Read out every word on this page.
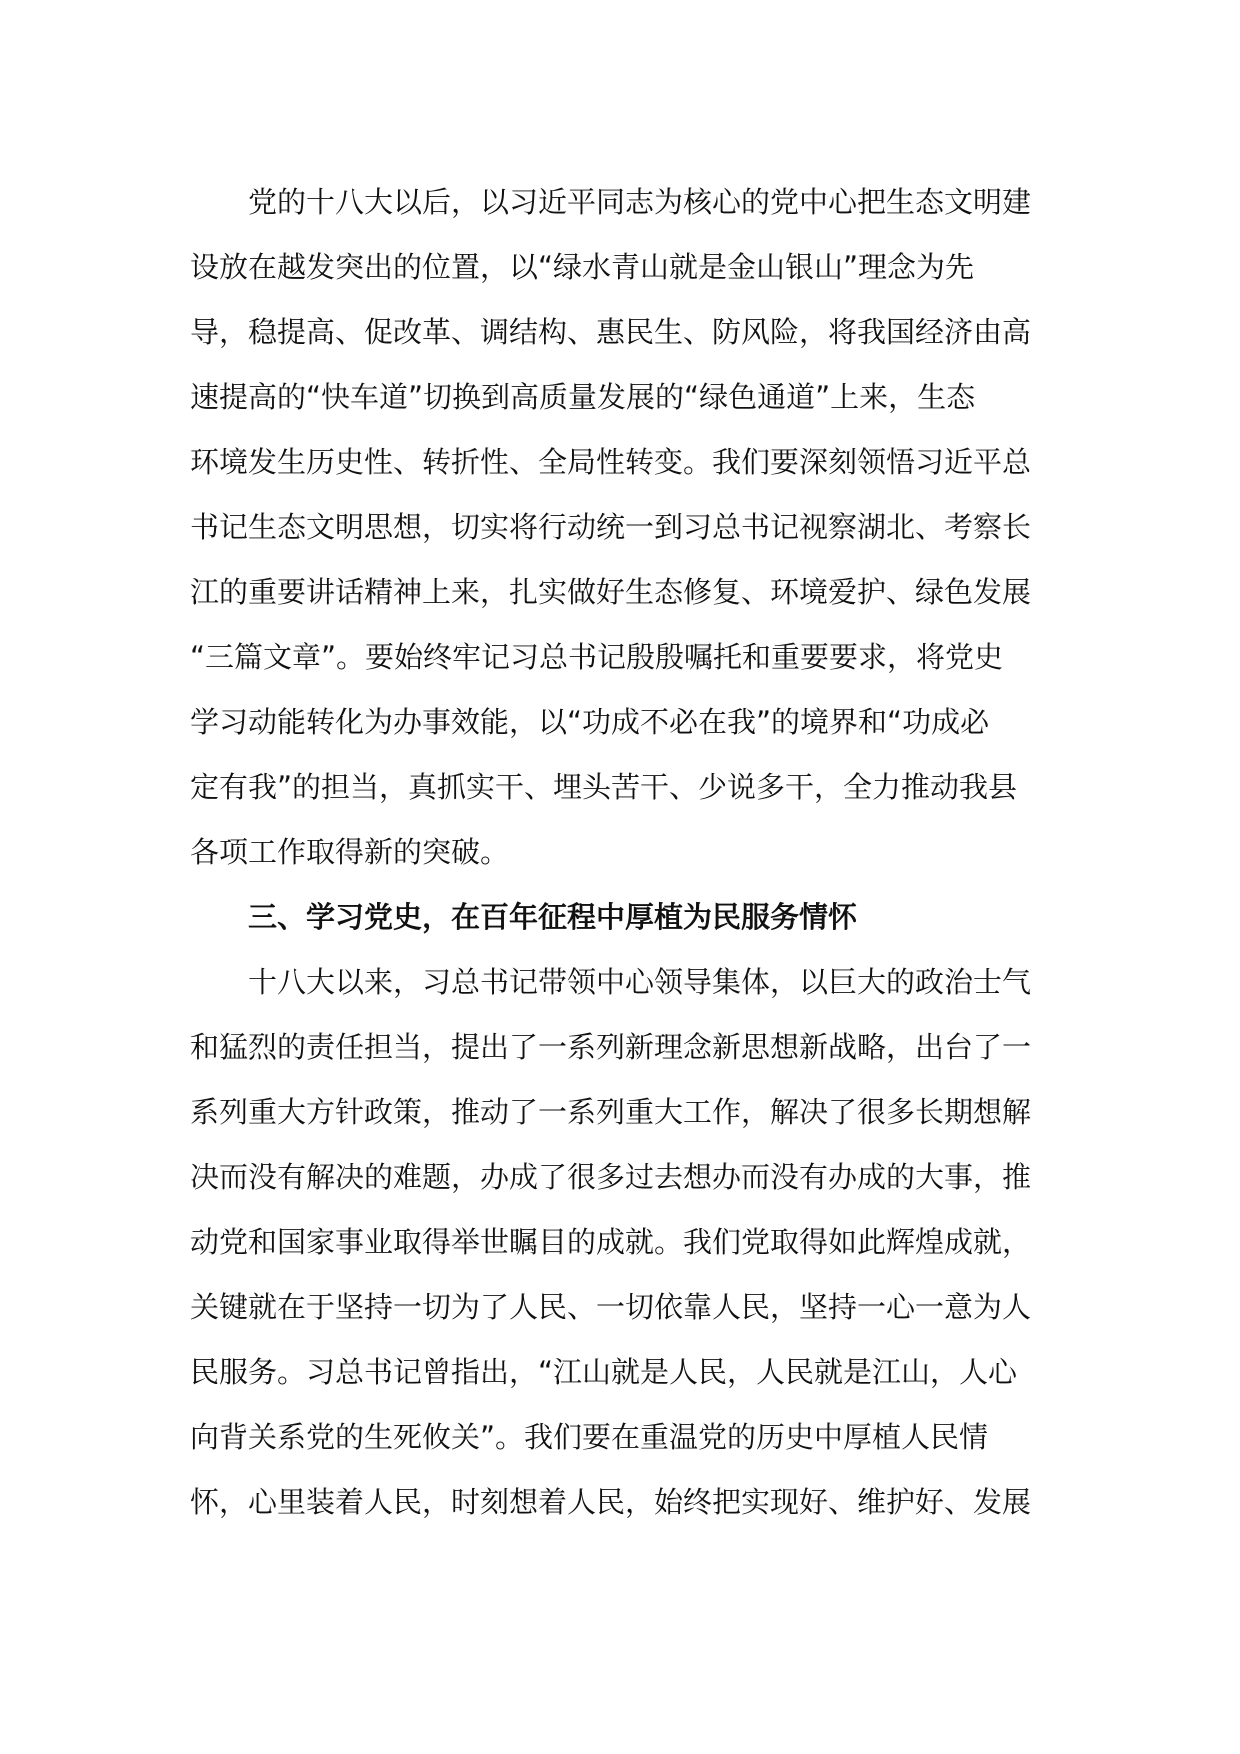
党的十八大以后，以习近平同志为核心的党中心把生态文明建
设放在越发突出的位置，以“绿水青山就是金山银山”理念为先
导，稳提高、促改革、调结构、惠民生、防风险，将我国经济由高
速提高的“快车道”切换到高质量发展的“绿色通道”上来，生态
环境发生历史性、转折性、全局性转变。我们要深刻领悟习近平总
书记生态文明思想，切实将行动统一到习总书记视察湖北、考察长
江的重要讲话精神上来，扎实做好生态修复、环境爱护、绿色发展
“三篇文章”。要始终牢记习总书记殷殷嘱托和重要要求，将党史
学习动能转化为办事效能，以“功成不必在我”的境界和“功成必
定有我”的担当，真抓实干、埋头苦干、少说多干，全力推动我县
各项工作取得新的突破。
三、学习党史，在百年征程中厚植为民服务情怀
十八大以来，习总书记带领中心领导集体，以巨大的政治士气
和猛烈的责任担当，提出了一系列新理念新思想新战略，出台了一
系列重大方针政策，推动了一系列重大工作，解决了很多长期想解
决而没有解决的难题，办成了很多过去想办而没有办成的大事，推
动党和国家事业取得举世瞩目的成就。我们党取得如此辉煌成就，
关键就在于坚持一切为了人民、一切依靠人民，坚持一心一意为人
民服务。习总书记曾指出，“江山就是人民，人民就是江山，人心
向背关系党的生死攸关”。我们要在重温党的历史中厚植人民情
怀，心里装着人民，时刻想着人民，始终把实现好、维护好、发展
